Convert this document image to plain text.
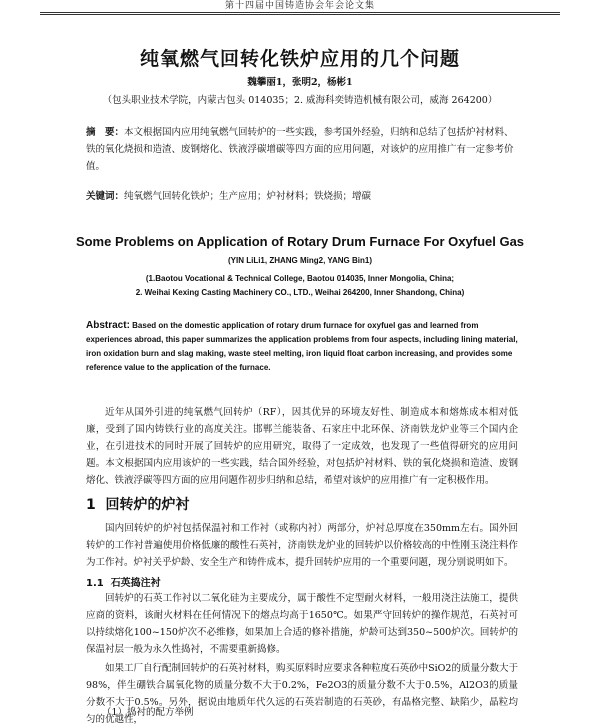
第十四届中国铸造协会年会论文集
纯氧燃气回转化铁炉应用的几个问题
魏攀丽1，张明2，杨彬1
（包头职业技术学院，内蒙古包头 014035；2. 威海科奕铸造机械有限公司，威海 264200）
摘　要：本文根据国内应用纯氧燃气回转炉的一些实践，参考国外经验，归纳和总结了包括炉衬材料、铁的氧化烧损和造渣、废钢熔化、铁液浮碳增碳等四方面的应用问题，对该炉的应用推广有一定参考价值。
关键词：纯氧燃气回转化铁炉；生产应用；炉衬材料；铁烧损；增碳
Some Problems on Application of Rotary Drum Furnace For Oxyfuel Gas
(YIN LiLi1, ZHANG Ming2, YANG Bin1)
(1.Baotou Vocational & Technical College, Baotou 014035, Inner Mongolia, China;
2. Weihai Kexing Casting Machinery CO., LTD., Weihai 264200, Inner Shandong, China)
Abstract: Based on the domestic application of rotary drum furnace for oxyfuel gas and learned from experiences abroad, this paper summarizes the application problems from four aspects, including lining material, iron oxidation burn and slag making, waste steel melting, iron liquid float carbon increasing, and provides some reference value to the application of the furnace.
近年从国外引进的纯氧燃气回转炉（RF），因其优异的环境友好性、制造成本和熔炼成本相对低廉，受到了国内铸铁行业的高度关注。邯郸兰能装备、石家庄中北环保、济南铁龙炉业等三个国内企业，在引进技术的同时开展了回转炉的应用研究，取得了一定成效，也发现了一些值得研究的应用问题。本文根据国内应用该炉的一些实践，结合国外经验，对包括炉衬材料、铁的氧化烧损和造渣、废钢熔化、铁液浮碳等四方面的应用问题作初步归纳和总结，希望对该炉的应用推广有一定积极作用。
1 回转炉的炉衬
国内回转炉的炉衬包括保温衬和工作衬（或称内衬）两部分，炉衬总厚度在350mm左右。国外回转炉的工作衬普遍使用价格低廉的酸性石英衬，济南铁龙炉业的回转炉以价格较高的中性刚玉浇注料作为工作衬。炉衬关乎炉龄、安全生产和铸件成本，提升回转炉应用的一个重要问题，现分别说明如下。
1.1 石英捣注衬
回转炉的石英工作衬以二氧化硅为主要成分，属于酸性不定型耐火材料，一般用浇注法施工，提供应商的资料，该耐火材料在任何情况下的熔点均高于1650℃。如果严守回转炉的操作规范，石英衬可以持续熔化100~150炉次不必维修，如果加上合适的修补措施，炉龄可达到350~500炉次。回转炉的保温衬层一般为永久性捣衬，不需要重新捣修。
如果工厂自行配制回转炉的石英衬材料，购买原料时应要求各种粒度石英砂中SiO2的质量分数大于98%，伴生硼铁合属氧化物的质量分数不大于0.2%，Fe2O3的质量分数不大于0.5%，Al2O3的质量分数不大于0.5%。另外，据说由地质年代久远的石英岩制造的石英砂，有晶格完整、缺陷少，晶粒均匀的优越性，
（1）捣衬的配方举例
